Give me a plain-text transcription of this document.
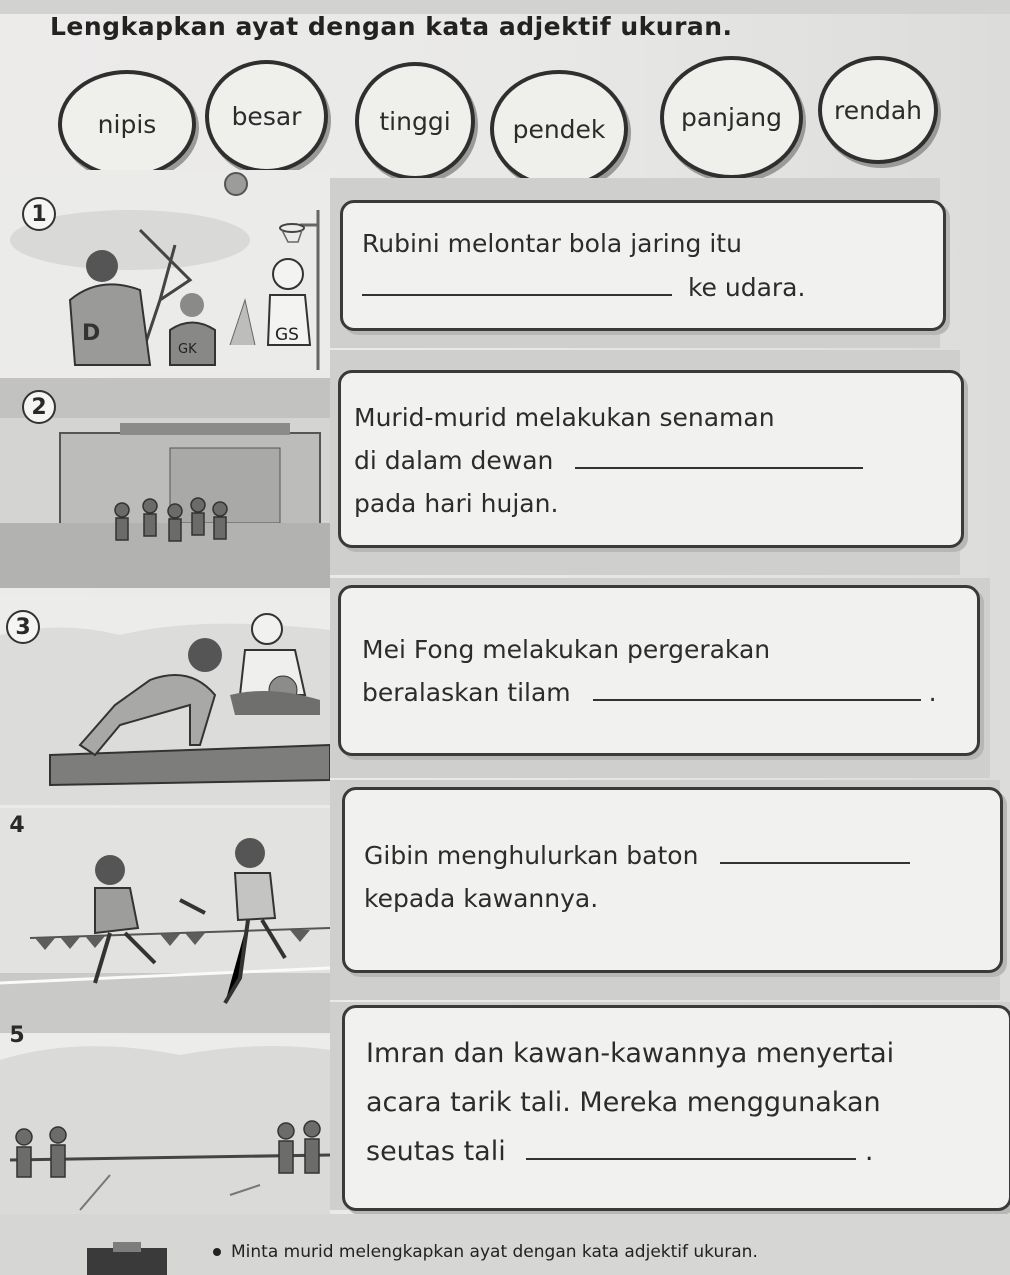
Lengkapkan ayat dengan kata adjektif ukuran.
nipis	besar	tinggi	pendek	panjang	rendah
D
GK
GS
1
Rubini melontar bola jaring itu
ke udara.
2	Murid-murid melakukan senaman
di dalam dewan
pada hari hujan.
3
Mei Fong melakukan pergerakan
beralaskan tilam	.
4
Gibin menghulurkan baton
kepada kawannya.
5
Imran dan kawan-kawannya menyertai
acara tarik tali. Mereka menggunakan
seutas tali	.
Minta murid melengkapkan ayat dengan kata adjektif ukuran.
